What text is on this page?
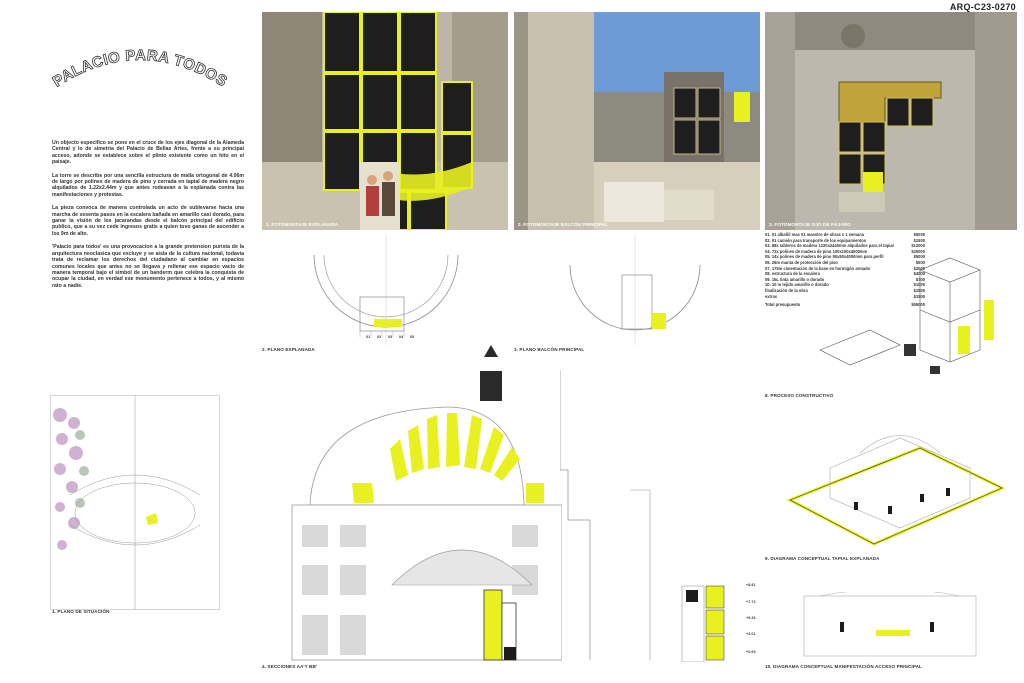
ARQ-C23-0270
PALACIO PARA TODOS

Un objecto especifico se pone en el cruce de los ejes diagonal de la Alameda Central y lo de simetria del Palacio de Bellas Artes, frente a su principal acceso, adonde se establece sobre el plinto existente como un hito en el paisaje.

La torre se describe por una sencilla estructura de malla ortogonal de 4.06m de largo por polines de madera de pino y cerrada en tapial de madera negro alquilados de 1.22x2.44m y que antes rodeavan a la explanada contra las manifestaciones y protestas.

La pieza convoca de manera controlada un acto de sublevarse hacia una marcha de sesenta pasos en la escalera bañada en amarillo casi dorado, para ganar la visión de los jacarandas desde el balcón principal del edificio publico, que a su vez cede ingresos gratis a quien tuvo ganas de ascender a los 9m de alto.

'Palacio para todos' es una provocacion a la grande pretension purista de la arquitectura neoclasica que excluye y se aisla de la cultura nacional, todavia trata de reclamar los derechos del ciudadano al cambiar en espacios comunes locales que antes no se llegava y rellenar ese espacio vacio de manera temporal bajo el simbol de un banderm que celebra la conquista de ocupar la ciudad, en verdad ese monumento pertenece a todos, y al mismo rato a nadie.

1. FOTOMONTAJE EXPLANADA	2. FOTOMONTAJE BALCÓN PRINCIPAL	3. FOTOMONTAJE OJO DE PÁJARO
2. PLANO EXPLANADA
01 02 03 04 05
3. PLANO BALCÓN PRINCIPAL
01. 01 albañil mas 01 maestro de obras x 1 semana	$5000
02. 01 camión para transporte de los equipamientos	$1500
03. 88x tableros de madera 1220x2440mm alquilados para el tapial	$12000
04. 72x polines de madera de pino 100x100x4000mm	$20000
05. 14x polines de madera de pino 50x50x4000mm para perfil	$5000
06. 26m manta de protección del piso	$500
07. 175m cimentación de la base en hormigón armado	$2000
08. estructura de la escalera	$4000
09. 15L tinta amarillo o dorado	$700
10. 10 m tejido amarillo o dorado	$1000
finalización de la obra	$1500
extras	$1500
Total presupuesto	$55000
8. PROCESO CONSTRUCTIVO
1. PLANO DE SITUACIÓN
4. SECCIONES AA'Y BB'
+8.81
+7.73
+5.33
+3.01
+0.69
9. DIAGRAMA CONCEPTUAL TAPIAL EXPLANADA
10. DIAGRAMA CONCEPTUAL MANIFESTACIÓN ACCESO PRINCIPAL
